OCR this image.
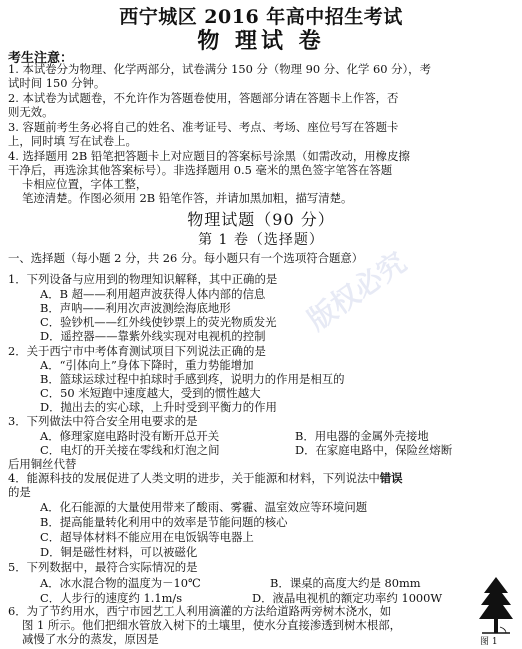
西宁城区 2016 年高中招生考试
物 理试 卷
考生注意：
1. 本试卷分为物理、化学两部分，试卷满分 150 分（物理 90 分、化学 60 分），考
试时间 150 分钟。
2. 本试卷为试题卷，不允许作为答题卷使用，答题部分请在答题卡上作答，否
则无效。
3. 容题前考生务必将自己的姓名、准考证号、考点、考场、座位号写在答题卡
上，同时填 写在试卷上。
4. 选择题用 2B 铅笔把答题卡上对应题目的答案标号涂黑（如需改动，用橡皮擦
干净后，再选涂其他答案标号）。非选择题用 0.5 毫米的黑色签字笔答在答题
卡相应位置，字体工整，
笔迹清楚。作图必须用 2B 铅笔作答，并请加黑加粗，描写清楚。
物理试题（90 分）
第 1 卷（选择题）
一、选择题（每小题 2 分，共 26 分。每小题只有一个选项符合题意）
1．下列设备与应用到的物理知识解释，其中正确的是
A．B 超——利用超声波获得人体内部的信息
B．声呐——利用次声波测绘海底地形
C．验钞机——红外线使钞票上的荧光物质发光
D．遥控器——靠紫外线实现对电视机的控制
2．关于西宁市中考体育测试项目下列说法正确的是
A．“引体向上”身体下降时，重力势能增加
B．篮球运球过程中拍球时手感到疼，说明力的作用是相互的
C．50 米短跑中速度越大，受到的惯性越大
D．抛出去的实心球，上升时受到平衡力的作用
3．下列做法中符合安全用电要求的是
A．修理家庭电路时没有断开总开关	B．用电器的金属外壳接地
C．电灯的开关接在零线和灯泡之间	D．在家庭电路中，保险丝熔断
后用铜丝代替
4．能源科技的发展促进了人类文明的进步，关于能源和材料，下列说法中错误
的是
A．化石能源的大量使用带来了酸雨、雾霾、温室效应等环境问题
B．提高能量转化利用中的效率是节能问题的核心
C．超导体材料不能应用在电饭锅等电器上
D．铜是磁性材料，可以被磁化
5．下列数据中，最符合实际情况的是
A．冰水混合物的温度为－10℃	B．课桌的高度大约是 80mm
C．人步行的速度约 1.1m/s	D．液晶电视机的额定功率约 1000W
6．为了节约用水，西宁市园艺工人利用滴灌的方法给道路两旁树木浇水，如
图 1 所示。他们把细水管放入树下的土壤里，使水分直接渗透到树木根部，
减慢了水分的蒸发，原因是	图 1
版权必究
